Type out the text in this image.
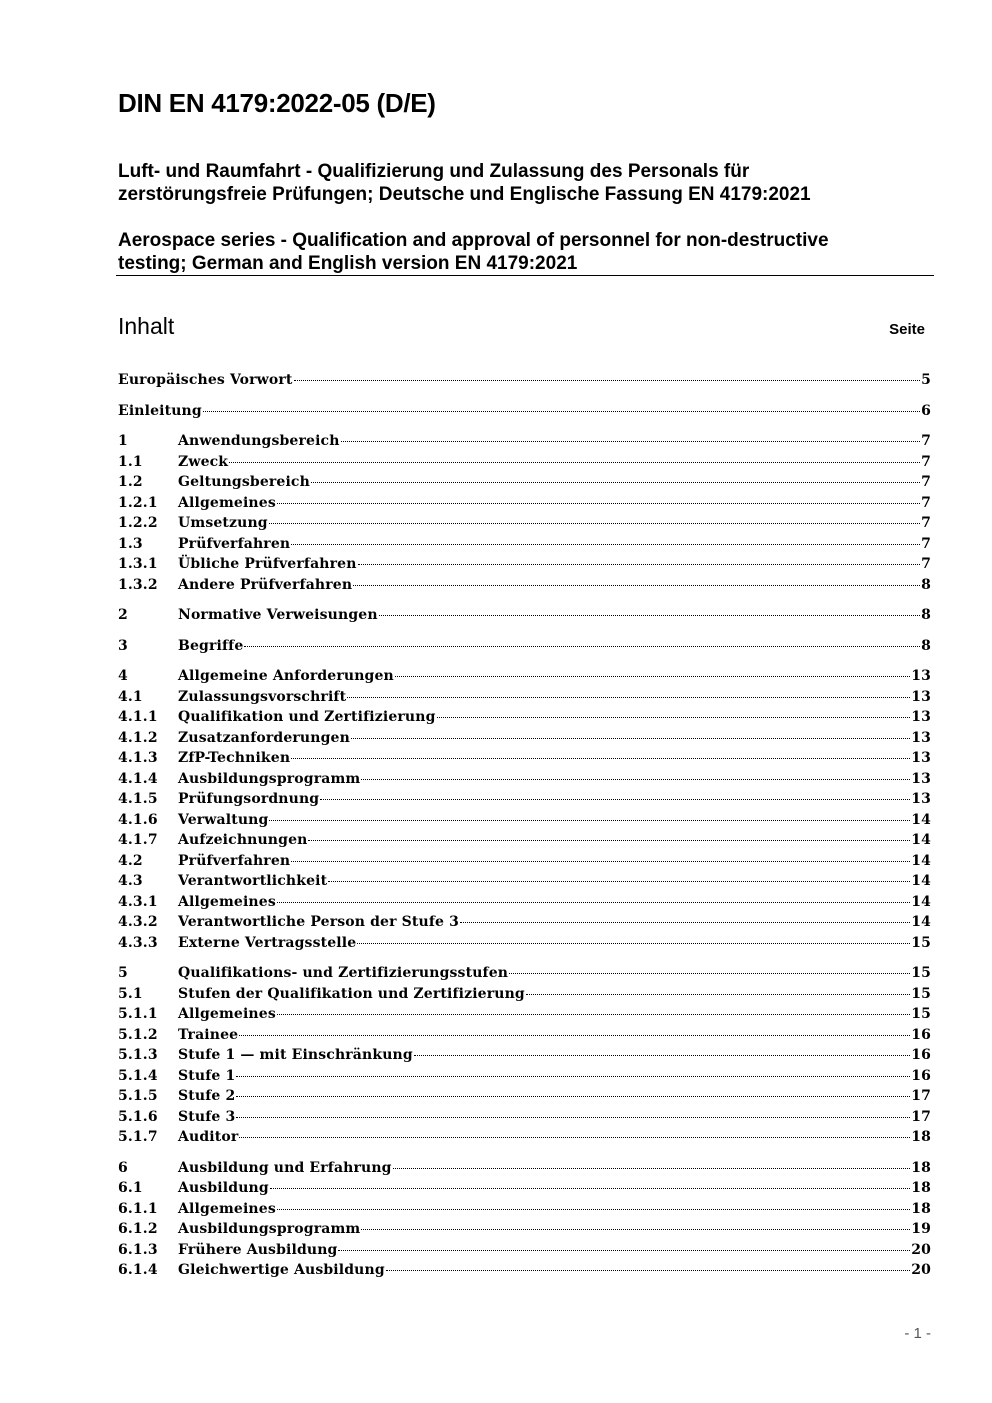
DIN EN 4179:2022-05 (D/E)
Luft- und Raumfahrt - Qualifizierung und Zulassung des Personals für
zerstörungsfreie Prüfungen; Deutsche und Englische Fassung EN 4179:2021
Aerospace series - Qualification and approval of personnel for non-destructive
testing; German and English version EN 4179:2021
Inhalt	Seite
Europäisches Vorwort	5
Einleitung	6
1	Anwendungsbereich	7
1.1	Zweck	7
1.2	Geltungsbereich	7
1.2.1	Allgemeines	7
1.2.2	Umsetzung	7
1.3	Prüfverfahren	7
1.3.1	Übliche Prüfverfahren	7
1.3.2	Andere Prüfverfahren	8
2	Normative Verweisungen	8
3	Begriffe	8
4	Allgemeine Anforderungen	13
4.1	Zulassungsvorschrift	13
4.1.1	Qualifikation und Zertifizierung	13
4.1.2	Zusatzanforderungen	13
4.1.3	ZfP-Techniken	13
4.1.4	Ausbildungsprogramm	13
4.1.5	Prüfungsordnung	13
4.1.6	Verwaltung	14
4.1.7	Aufzeichnungen	14
4.2	Prüfverfahren	14
4.3	Verantwortlichkeit	14
4.3.1	Allgemeines	14
4.3.2	Verantwortliche Person der Stufe 3	14
4.3.3	Externe Vertragsstelle	15
5	Qualifikations- und Zertifizierungsstufen	15
5.1	Stufen der Qualifikation und Zertifizierung	15
5.1.1	Allgemeines	15
5.1.2	Trainee	16
5.1.3	Stufe 1 — mit Einschränkung	16
5.1.4	Stufe 1	16
5.1.5	Stufe 2	17
5.1.6	Stufe 3	17
5.1.7	Auditor	18
6	Ausbildung und Erfahrung	18
6.1	Ausbildung	18
6.1.1	Allgemeines	18
6.1.2	Ausbildungsprogramm	19
6.1.3	Frühere Ausbildung	20
6.1.4	Gleichwertige Ausbildung	20
- 1 -
